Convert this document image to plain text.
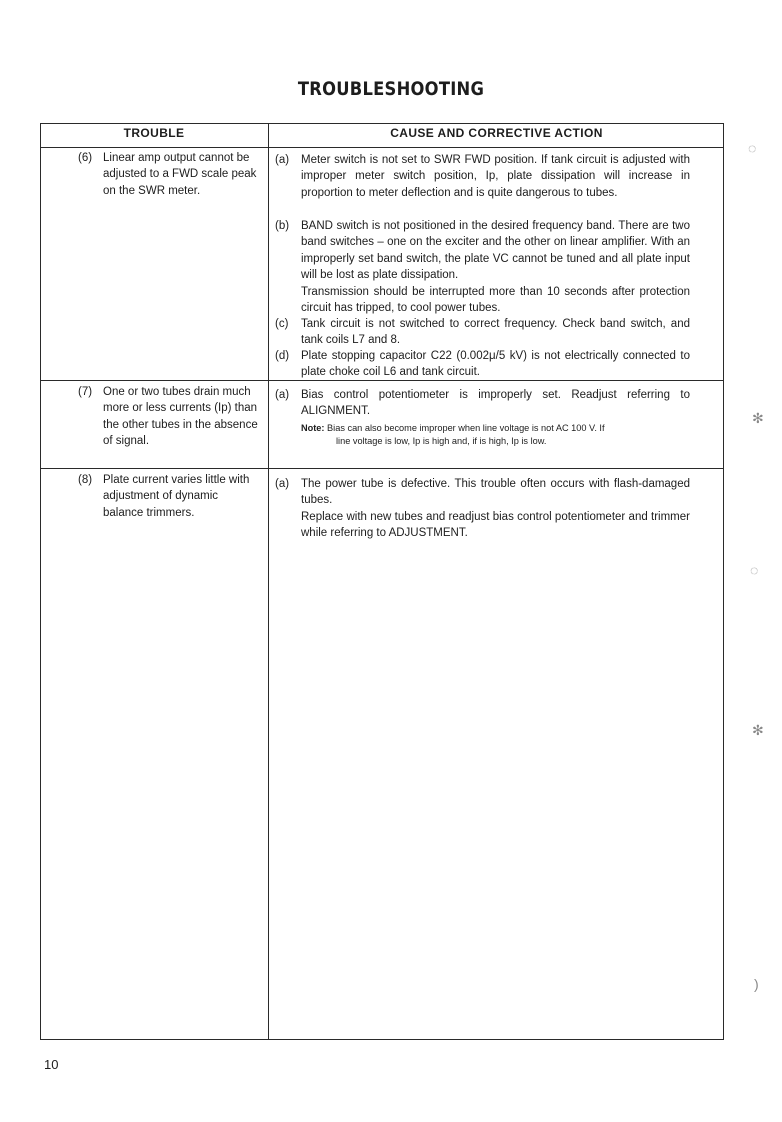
TROUBLESHOOTING
TROUBLE	CAUSE AND CORRECTIVE ACTION
(6) Linear amp output cannot be adjusted to a FWD scale peak on the SWR meter.
(a) Meter switch is not set to SWR FWD position. If tank circuit is adjusted with improper meter switch position, Ip, plate dissipation will increase in proportion to meter deflection and is quite dangerous to tubes.
(b) BAND switch is not positioned in the desired frequency band. There are two band switches – one on the exciter and the other on linear amplifier. With an improperly set band switch, the plate VC cannot be tuned and all plate input will be lost as plate dissipation.
Transmission should be interrupted more than 10 seconds after protection circuit has tripped, to cool power tubes.
(c) Tank circuit is not switched to correct frequency. Check band switch, and tank coils L7 and 8.
(d) Plate stopping capacitor C22 (0.002μ/5 kV) is not electrically connected to plate choke coil L6 and tank circuit.
(7) One or two tubes drain much more or less currents (Ip) than the other tubes in the absence of signal.
(a) Bias control potentiometer is improperly set. Readjust referring to ALIGNMENT.
Note: Bias can also become improper when line voltage is not AC 100 V. If
line voltage is low, Ip is high and, if is high, Ip is low.
(8) Plate current varies little with adjustment of dynamic balance trimmers.
(a) The power tube is defective. This trouble often occurs with flash-damaged tubes.
Replace with new tubes and readjust bias control potentiometer and trimmer while referring to ADJUSTMENT.
10
◌
✻
◌
✻
)
